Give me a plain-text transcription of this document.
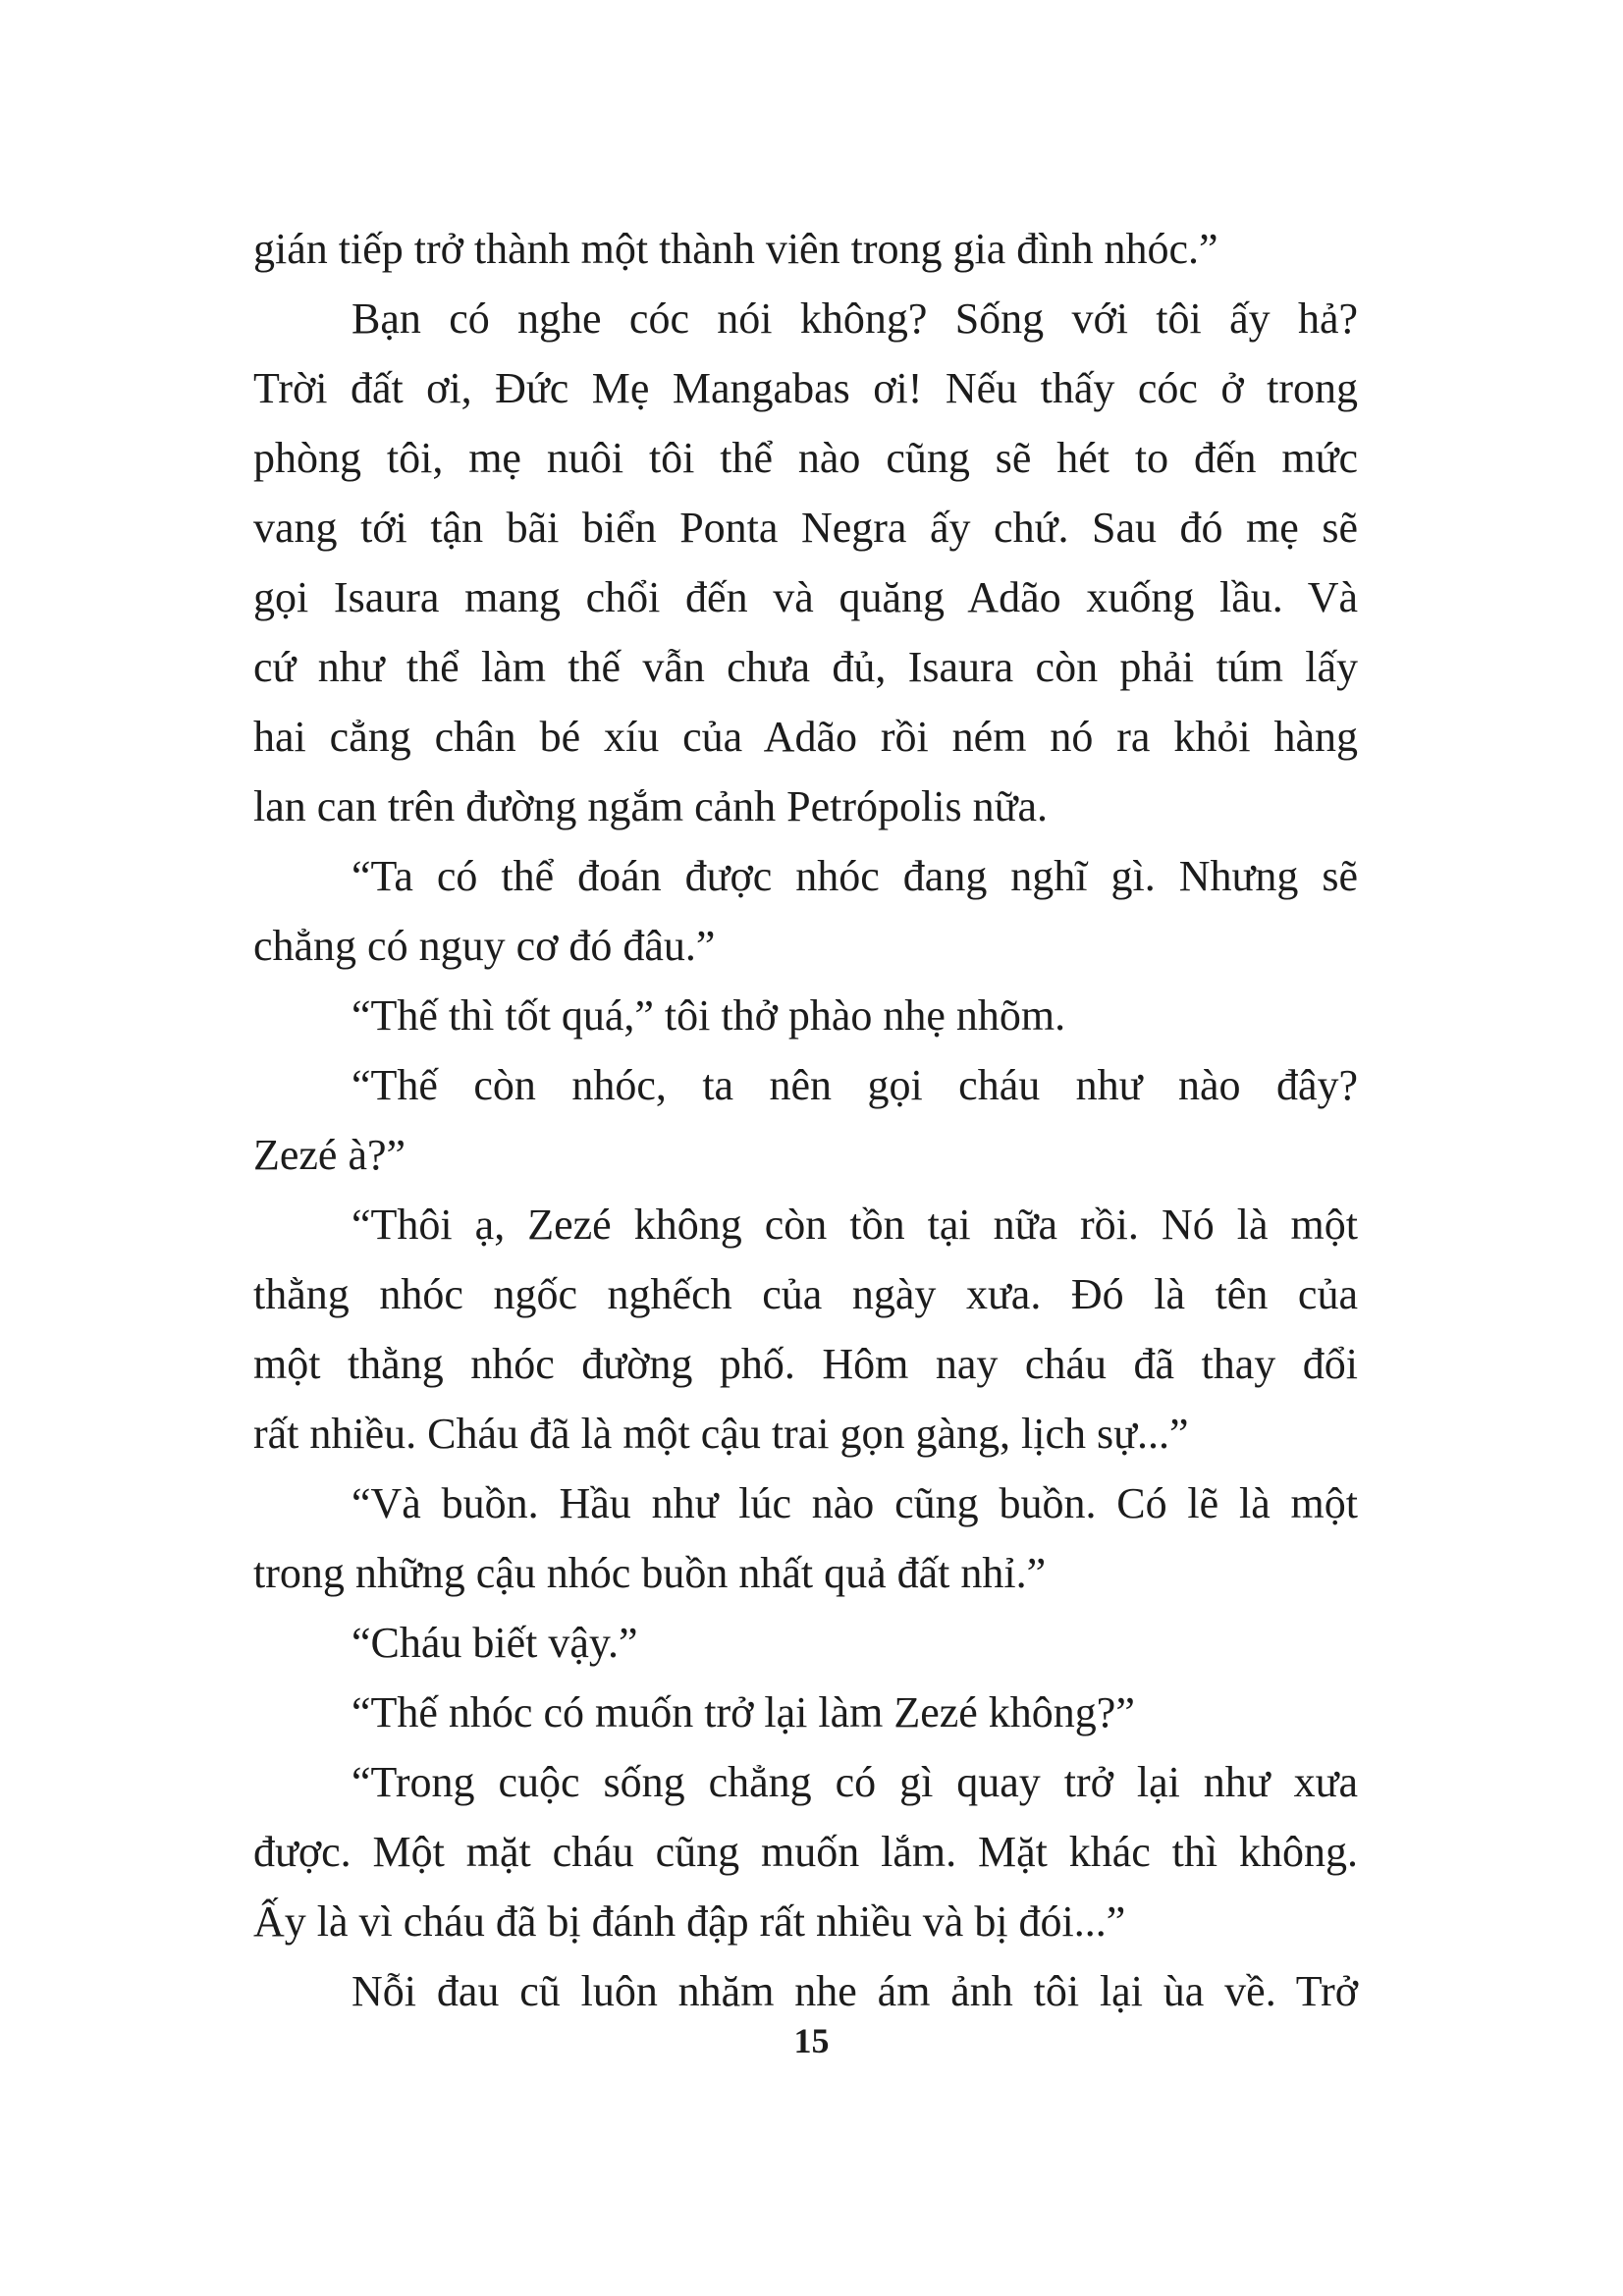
gián tiếp trở thành một thành viên trong gia đình nhóc.”
Bạn có nghe cóc nói không? Sống với tôi ấy hả?
Trời đất ơi, Đức Mẹ Mangabas ơi! Nếu thấy cóc ở trong
phòng tôi, mẹ nuôi tôi thể nào cũng sẽ hét to đến mức
vang tới tận bãi biển Ponta Negra ấy chứ. Sau đó mẹ sẽ
gọi Isaura mang chổi đến và quăng Adão xuống lầu. Và
cứ như thể làm thế vẫn chưa đủ, Isaura còn phải túm lấy
hai cẳng chân bé xíu của Adão rồi ném nó ra khỏi hàng
lan can trên đường ngắm cảnh Petrópolis nữa.
“Ta có thể đoán được nhóc đang nghĩ gì. Nhưng sẽ
chẳng có nguy cơ đó đâu.”
“Thế thì tốt quá,” tôi thở phào nhẹ nhõm.
“Thế còn nhóc, ta nên gọi cháu như nào đây?
Zezé à?”
“Thôi ạ, Zezé không còn tồn tại nữa rồi. Nó là một
thằng nhóc ngốc nghếch của ngày xưa. Đó là tên của
một thằng nhóc đường phố. Hôm nay cháu đã thay đổi
rất nhiều. Cháu đã là một cậu trai gọn gàng, lịch sự...”
“Và buồn. Hầu như lúc nào cũng buồn. Có lẽ là một
trong những cậu nhóc buồn nhất quả đất nhỉ.”
“Cháu biết vậy.”
“Thế nhóc có muốn trở lại làm Zezé không?”
“Trong cuộc sống chẳng có gì quay trở lại như xưa
được. Một mặt cháu cũng muốn lắm. Mặt khác thì không.
Ấy là vì cháu đã bị đánh đập rất nhiều và bị đói...”
Nỗi đau cũ luôn nhăm nhe ám ảnh tôi lại ùa về. Trở
15
